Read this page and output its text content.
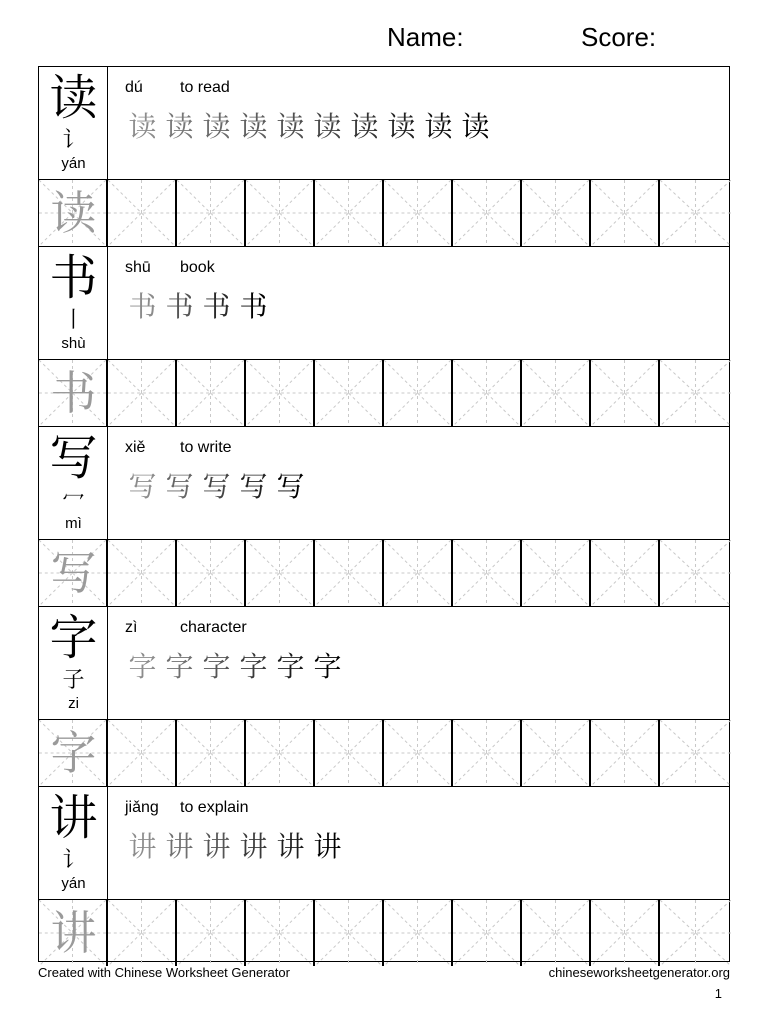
Name:	Score:
读
讠
yán
dú to read
读 读 读 读 读 读 读 读 读 读
读
书
丨
shù
shū book
书 书 书 书
书
写
冖
mì
xiě to write
写 写 写 写 写
写
字
子
zi
zì	character
字 字 字 字 字 字
字
讲
讠
yán
jiǎng to explain
讲 讲 讲 讲 讲 讲
讲
Created with Chinese Worksheet Generator	chineseworksheetgenerator.org
1
